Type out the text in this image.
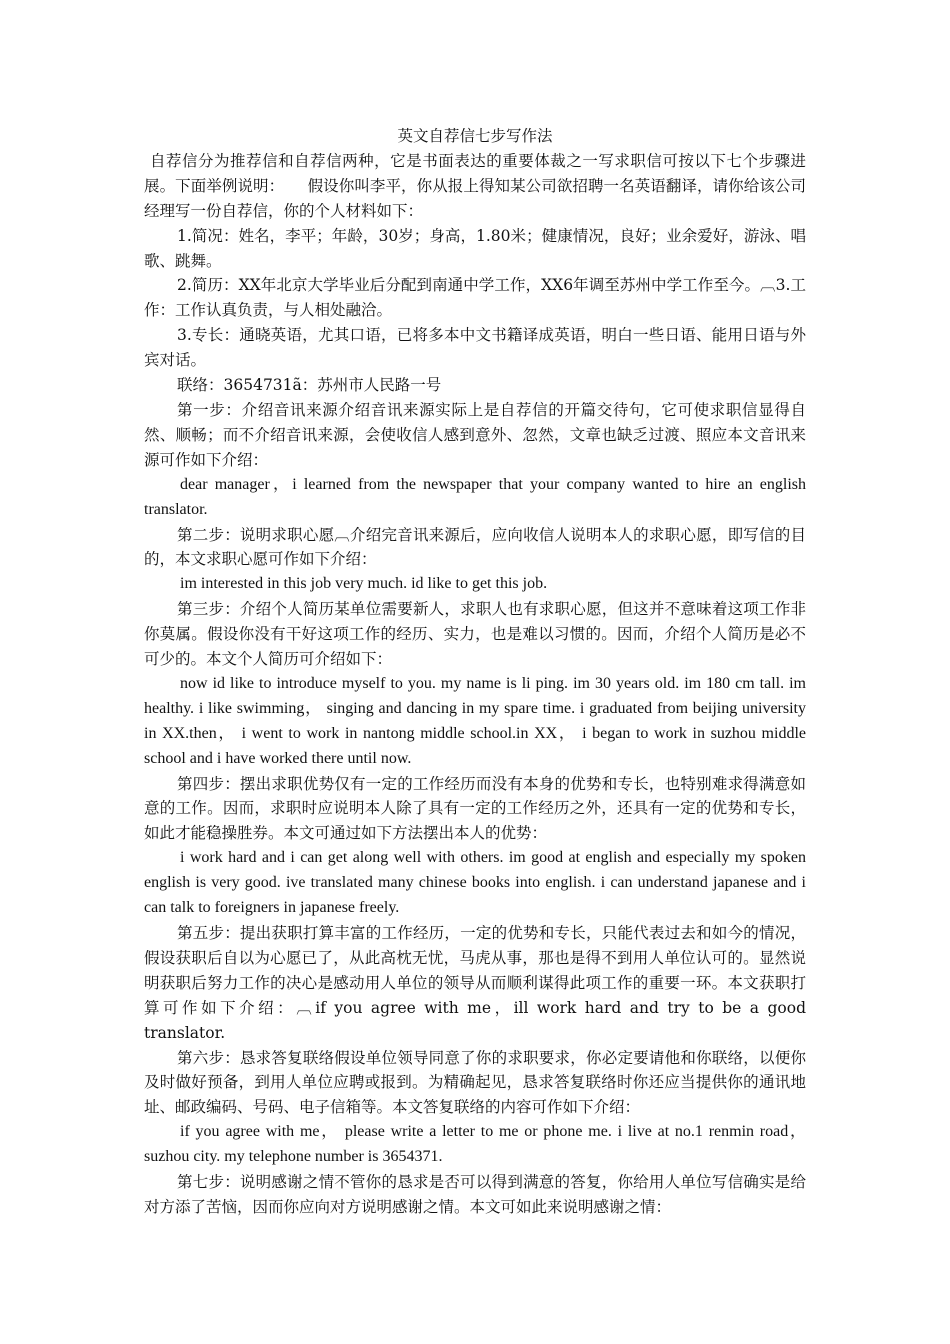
英文自荐信七步写作法

自荐信分为推荐信和自荐信两种，它是书面表达的重要体裁之一写求职信可按以下七个步骤进展。下面举例说明：　　假设你叫李平，你从报上得知某公司欲招聘一名英语翻译，请你给该公司经理写一份自荐信，你的个人材料如下：

1.简况：姓名，李平；年龄，30岁；身高，1.80米；健康情况，良好；业余爱好，游泳、唱歌、跳舞。

2.简历：XX年北京大学毕业后分配到南通中学工作，XX6年调至苏州中学工作至今。︹3.工作：工作认真负责，与人相处融洽。

3.专长：通晓英语，尤其口语，已将多本中文书籍译成英语，明白一些日语、能用日语与外宾对话。

联络：3654731ã：苏州市人民路一号

第一步：介绍音讯来源介绍音讯来源实际上是自荐信的开篇交待句，它可使求职信显得自然、顺畅；而不介绍音讯来源，会使收信人感到意外、忽然，文章也缺乏过渡、照应本文音讯来源可作如下介绍：

dear manager，i learned from the newspaper that your company wanted to hire an english translator.

第二步：说明求职心愿︹介绍完音讯来源后，应向收信人说明本人的求职心愿，即写信的目的，本文求职心愿可作如下介绍：

im interested in this job very much. id like to get this job.

第三步：介绍个人简历某单位需要新人，求职人也有求职心愿，但这并不意味着这项工作非你莫属。假设你没有干好这项工作的经历、实力，也是难以习惯的。因而，介绍个人简历是必不可少的。本文个人简历可介绍如下：

now id like to introduce myself to you. my name is li ping. im 30 years old. im 180 cm tall. im healthy. i like swimming， singing and dancing in my spare time. i graduated from beijing university in XX.then， i went to work in nantong middle school.in XX， i began to work in suzhou middle school and i have worked there until now.

第四步：摆出求职优势仅有一定的工作经历而没有本身的优势和专长，也特别难求得满意如意的工作。因而，求职时应说明本人除了具有一定的工作经历之外，还具有一定的优势和专长，如此才能稳操胜券。本文可通过如下方法摆出本人的优势：

i work hard and i can get along well with others. im good at english and especially my spoken english is very good. ive translated many chinese books into english. i can understand japanese and i can talk to foreigners in japanese freely.

第五步：提出获职打算丰富的工作经历，一定的优势和专长，只能代表过去和如今的情况，假设获职后自以为心愿已了，从此高枕无忧，马虎从事，那也是得不到用人单位认可的。显然说明获职后努力工作的决心是感动用人单位的领导从而顺利谋得此项工作的重要一环。本文获职打算可作如下介绍：︹if you agree with me，ill work hard and try to be a good translator.

第六步：恳求答复联络假设单位领导同意了你的求职要求，你必定要请他和你联络，以便你及时做好预备，到用人单位应聘或报到。为精确起见，恳求答复联络时你还应当提供你的通讯地址、邮政编码、号码、电子信箱等。本文答复联络的内容可作如下介绍：

if you agree with me， please write a letter to me or phone me. i live at no.1 renmin road，suzhou city. my telephone number is 3654371.

第七步：说明感谢之情不管你的恳求是否可以得到满意的答复，你给用人单位写信确实是给对方添了苦恼，因而你应向对方说明感谢之情。本文可如此来说明感谢之情：
